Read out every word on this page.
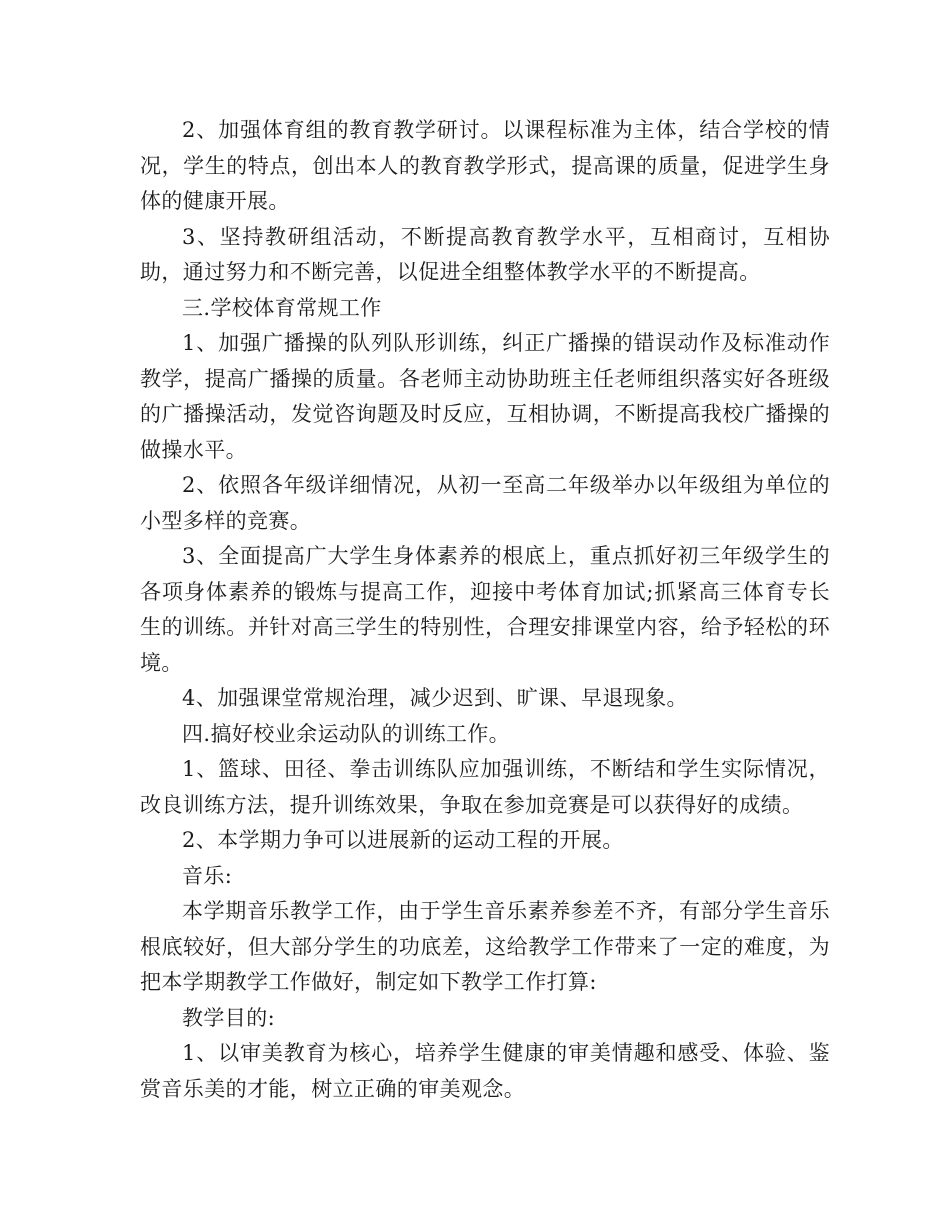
2、加强体育组的教育教学研讨。以课程标准为主体，结合学校的情况，学生的特点，创出本人的教育教学形式，提高课的质量，促进学生身体的健康开展。

3、坚持教研组活动，不断提高教育教学水平，互相商讨，互相协助，通过努力和不断完善，以促进全组整体教学水平的不断提高。

三.学校体育常规工作

1、加强广播操的队列队形训练，纠正广播操的错误动作及标准动作教学，提高广播操的质量。各老师主动协助班主任老师组织落实好各班级的广播操活动，发觉咨询题及时反应，互相协调，不断提高我校广播操的做操水平。

2、依照各年级详细情况，从初一至高二年级举办以年级组为单位的小型多样的竞赛。

3、全面提高广大学生身体素养的根底上，重点抓好初三年级学生的各项身体素养的锻炼与提高工作，迎接中考体育加试;抓紧高三体育专长生的训练。并针对高三学生的特别性，合理安排课堂内容，给予轻松的环境。

4、加强课堂常规治理，减少迟到、旷课、早退现象。

四.搞好校业余运动队的训练工作。

1、篮球、田径、拳击训练队应加强训练，不断结和学生实际情况，改良训练方法，提升训练效果，争取在参加竞赛是可以获得好的成绩。

2、本学期力争可以进展新的运动工程的开展。

音乐:

本学期音乐教学工作，由于学生音乐素养参差不齐，有部分学生音乐根底较好，但大部分学生的功底差，这给教学工作带来了一定的难度，为把本学期教学工作做好，制定如下教学工作打算:

教学目的:

1、以审美教育为核心，培养学生健康的审美情趣和感受、体验、鉴赏音乐美的才能，树立正确的审美观念。
